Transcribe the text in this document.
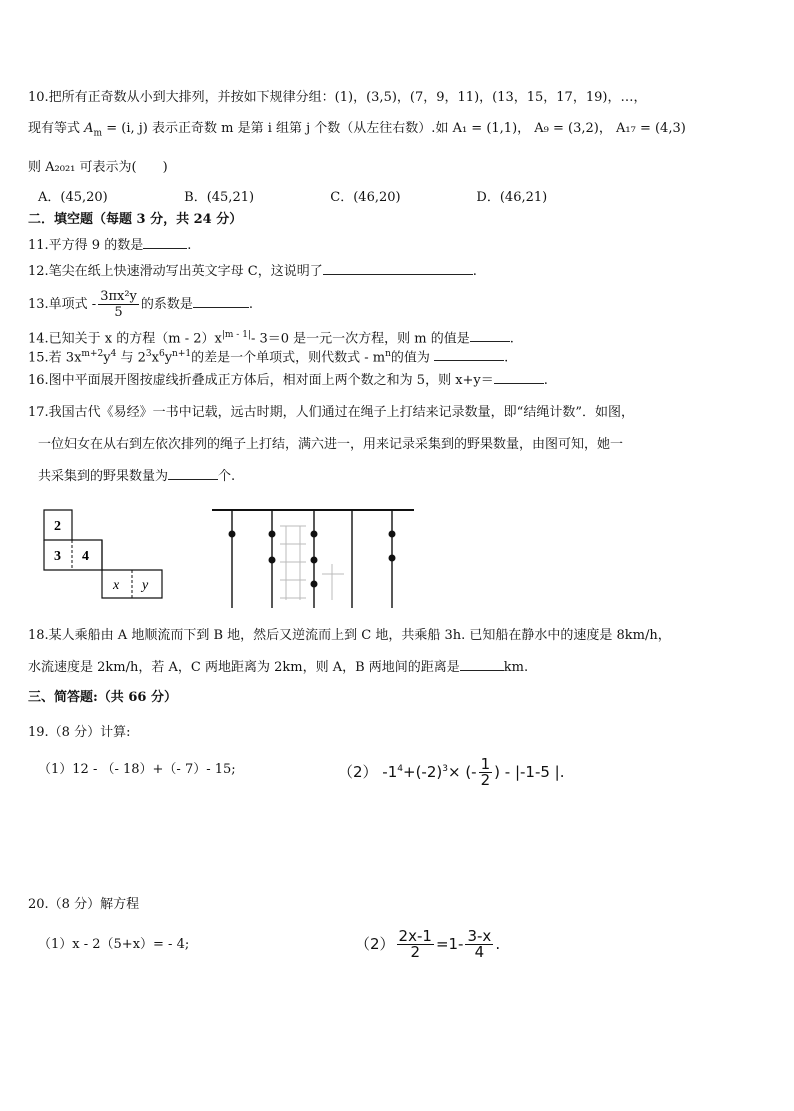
10.把所有正奇数从小到大排列，并按如下规律分组：(1)，(3,5)，(7，9，11)，(13，15，17，19)，…，
现有等式 $A_m = (i$, j) 表示正奇数 m 是第 i 组第 j 个数（从左往右数）.如 A₁ = (1,1)， A₉ = (3,2)， A₁₇ = (4,3)
则 A₂₀₂₁ 可表示为(　　)
A．(45,20)	B．(45,21)	C．(46,20)	D．(46,21)
二．填空题（每题 3 分，共 24 分）
11.平方得 9 的数是	.
12.笔尖在纸上快速滑动写出英文字母 C，这说明了	.
13.单项式 - $\frac{\text{3πx²y}}{5}$ 的系数是	.
14.已知关于 x 的方程$(m - 2)x^{|m - 1|}-$ 3＝0 是一元一次方程，则 m 的值是	.
15.若 $3x^{m+2}y^4$ 与 $2^3x^6y^{n+1}$的差是一个单项式，则代数式 - $m^n$的值为	.
16.图中平面展开图按虚线折叠成正方体后，相对面上两个数之和为 5，则 x+y＝	.
17.我国古代《易经》一书中记载，远古时期，人们通过在绳子上打结来记录数量，即“结绳计数”．如图，
一位妇女在从右到左依次排列的绳子上打结，满六进一，用来记录采集到的野果数量，由图可知，她一
共采集到的野果数量为	个.
2
3 4
x y
18.某人乘船由 A 地顺流而下到 B 地，然后又逆流而上到 C 地，共乘船 3h. 已知船在静水中的速度是 8km/h，
水流速度是 2km/h，若 A，C 两地距离为 2km，则 A，B 两地间的距离是	km.
三、简答题:（共 66 分）
19.（8 分）计算:
（1）12 - （- 18）+（- 7）- 15;	（2） $-1^4+(-2)^3\times$ (- $\frac{1}{2}$ ) - |-1-5 |.
20.（8 分）解方程
（1）x - 2（5+x）= - 4;	$(2) \frac{2x-1}{2} =1- \frac{3-x}{4}$ .
